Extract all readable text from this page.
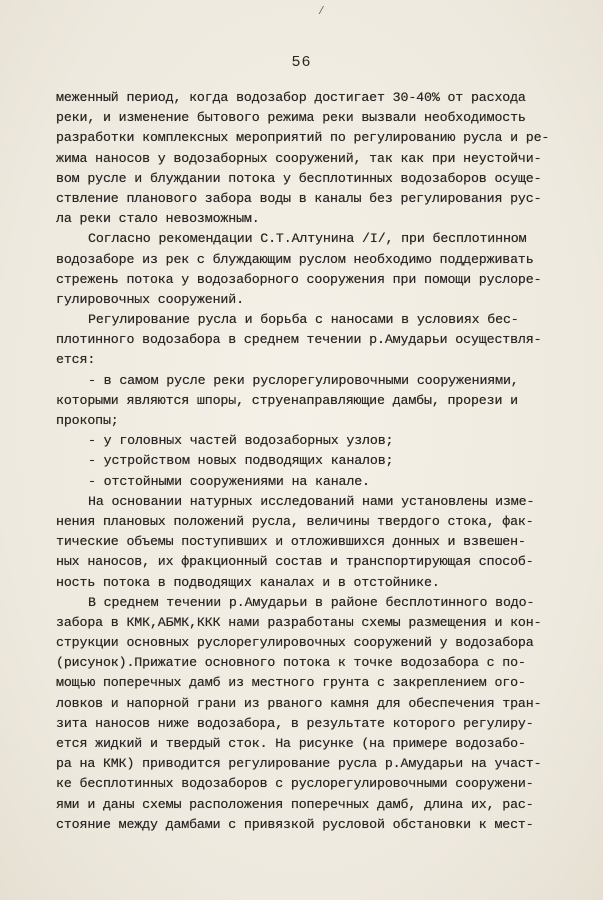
/
56
меженный период, когда водозабор достигает 30-40% от расхода
реки, и изменение бытового режима реки вызвали необходимость
разработки комплексных мероприятий по регулированию русла и ре-
жима наносов у водозаборных сооружений, так как при неустойчи-
вом русле и блуждании потока у бесплотинных водозаборов осуще-
ствление планового забора воды в каналы без регулирования рус-
ла реки стало невозможным.
Согласно рекомендации С.Т.Алтунина /I/, при бесплотинном
водозаборе из рек с блуждающим руслом необходимо поддерживать
стрежень потока у водозаборного сооружения при помощи руслоре-
гулировочных сооружений.
Регулирование русла и борьба с наносами в условиях бес-
плотинного водозабора в среднем течении р.Амударьи осуществля-
ется:
- в самом русле реки руслорегулировочными сооружениями,
которыми являются шпоры, струенаправляющие дамбы, прорези и
прокопы;
- у головных частей водозаборных узлов;
- устройством новых подводящих каналов;
- отстойными сооружениями на канале.
На основании натурных исследований нами установлены изме-
нения плановых положений русла, величины твердого стока, фак-
тические объемы поступивших и отложившихся донных и взвешен-
ных наносов, их фракционный состав и транспортирующая способ-
ность потока в подводящих каналах и в отстойнике.
В среднем течении р.Амударьи в районе бесплотинного водо-
забора в КМК,АБМК,ККК нами разработаны схемы размещения и кон-
струкции основных руслорегулировочных сооружений у водозабора
(рисунок).Прижатие основного потока к точке водозабора с по-
мощью поперечных дамб из местного грунта с закреплением ого-
ловков и напорной грани из рваного камня для обеспечения тран-
зита наносов ниже водозабора, в результате которого регулиру-
ется жидкий и твердый сток. На рисунке (на примере водозабо-
ра на КМК) приводится регулирование русла р.Амударьи на участ-
ке бесплотинных водозаборов с руслорегулировочными сооружени-
ями и даны схемы расположения поперечных дамб, длина их, рас-
стояние между дамбами с привязкой русловой обстановки к мест-
